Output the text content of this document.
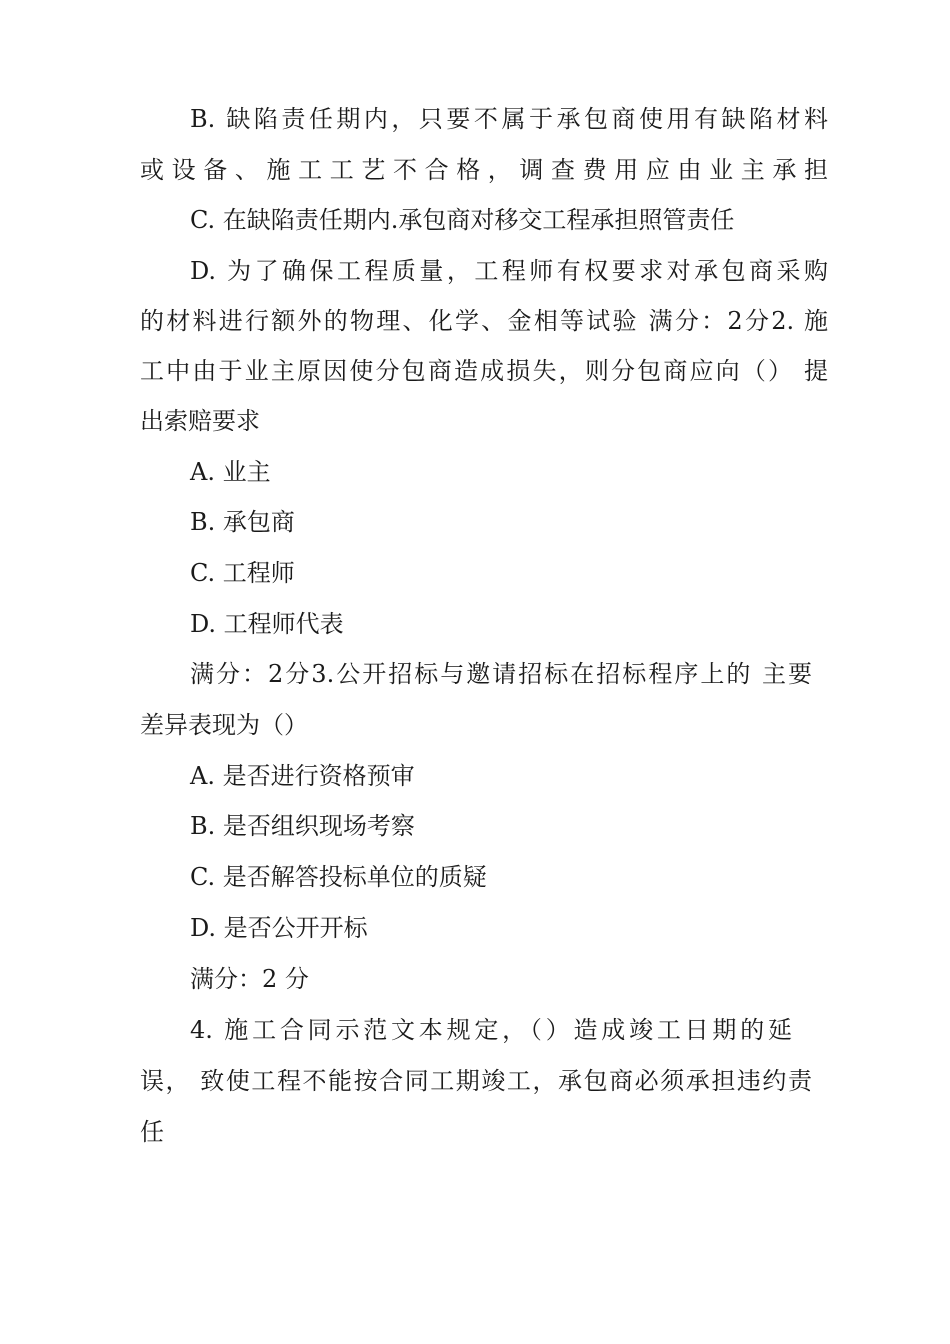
B. 缺陷责任期内，只要不属于承包商使用有缺陷材料
或设备、施工工艺不合格，调查费用应由业主承担
C. 在缺陷责任期内.承包商对移交工程承担照管责任
D. 为了确保工程质量，工程师有权要求对承包商采购
的材料进行额外的物理、化学、金相等试验 满分：2分2. 施
工中由于业主原因使分包商造成损失，则分包商应向（） 提
出索赔要求
A. 业主
B. 承包商
C. 工程师
D. 工程师代表
满分：2分3.公开招标与邀请招标在招标程序上的 主要
差异表现为（）
A. 是否进行资格预审
B. 是否组织现场考察
C. 是否解答投标单位的质疑
D. 是否公开开标
满分：2 分
4. 施工合同示范文本规定，（）造成竣工日期的延
误， 致使工程不能按合同工期竣工，承包商必须承担违约责
任
